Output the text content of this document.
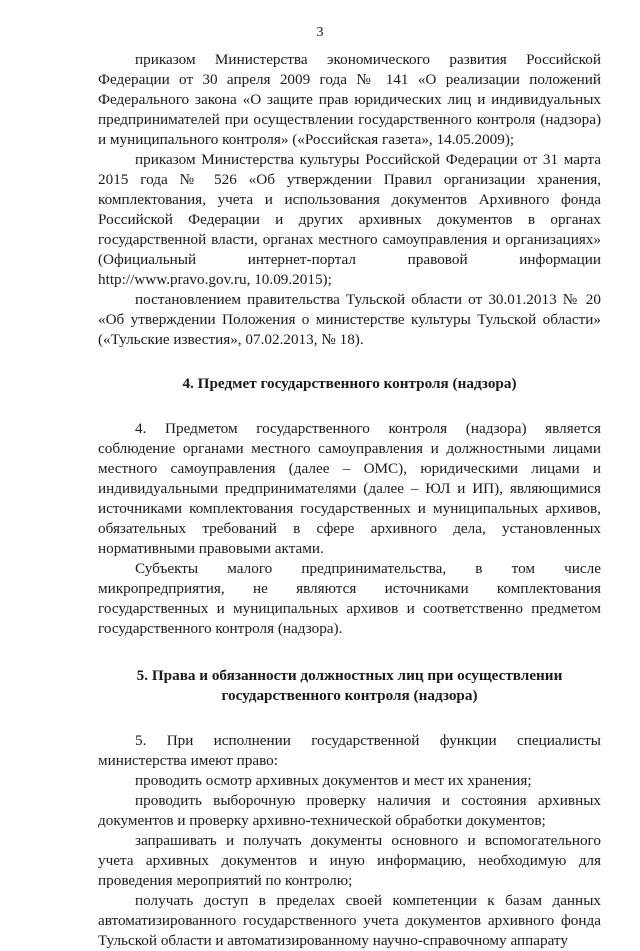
3

приказом Министерства экономического развития Российской Федерации от 30 апреля 2009 года № 141 «О реализации положений Федерального закона «О защите прав юридических лиц и индивидуальных предпринимателей при осуществлении государственного контроля (надзора) и муниципального контроля» («Российская газета», 14.05.2009);

приказом Министерства культуры Российской Федерации от 31 марта 2015 года № 526 «Об утверждении Правил организации хранения, комплектования, учета и использования документов Архивного фонда Российской Федерации и других архивных документов в органах государственной власти, органах местного самоуправления и организациях» (Официальный интернет-портал правовой информации http://www.pravo.gov.ru, 10.09.2015);

постановлением правительства Тульской области от 30.01.2013 № 20 «Об утверждении Положения о министерстве культуры Тульской области» («Тульские известия», 07.02.2013, № 18).

4. Предмет государственного контроля (надзора)

4. Предметом государственного контроля (надзора) является соблюдение органами местного самоуправления и должностными лицами местного самоуправления (далее – ОМС), юридическими лицами и индивидуальными предпринимателями (далее – ЮЛ и ИП), являющимися источниками комплектования государственных и муниципальных архивов, обязательных требований в сфере архивного дела, установленных нормативными правовыми актами.

Субъекты малого предпринимательства, в том числе микропредприятия, не являются источниками комплектования государственных и муниципальных архивов и соответственно предметом государственного контроля (надзора).

5. Права и обязанности должностных лиц при осуществлении
государственного контроля (надзора)

5. При исполнении государственной функции специалисты министерства имеют право:

проводить осмотр архивных документов и мест их хранения;

проводить выборочную проверку наличия и состояния архивных документов и проверку архивно-технической обработки документов;

запрашивать и получать документы основного и вспомогательного учета архивных документов и иную информацию, необходимую для проведения мероприятий по контролю;

получать доступ в пределах своей компетенции к базам данных автоматизированного государственного учета документов архивного фонда Тульской области и автоматизированному научно-справочному аппарату
